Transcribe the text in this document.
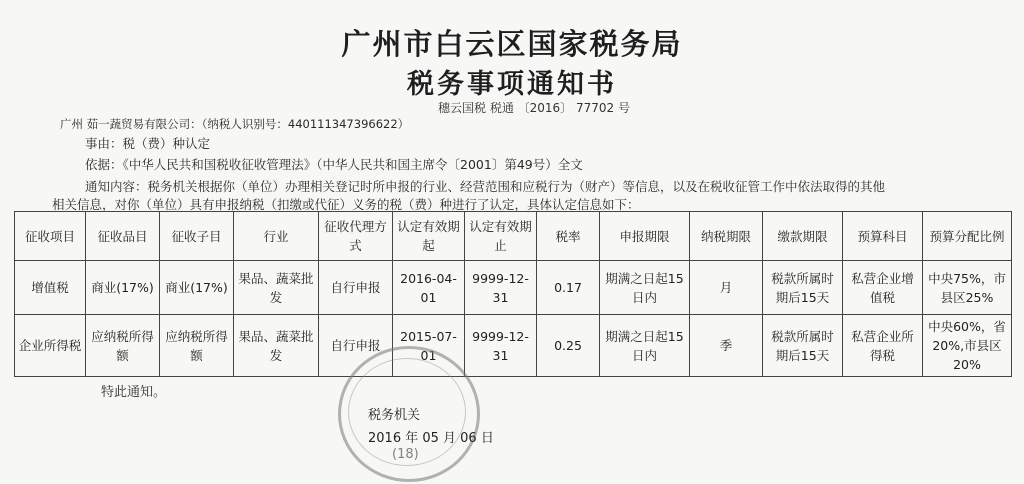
广州市白云区国家税务局
税务事项通知书
穗云国税 税通 〔2016〕 77702 号
广州 茹一蔬贸易有限公司：（纳税人识别号：440111347396622）
事由：税（费）种认定
依据：《中华人民共和国税收征收管理法》（中华人民共和国主席令〔2001〕第49号）全文
通知内容：税务机关根据你（单位）办理相关登记时所申报的行业、经营范围和应税行为（财产）等信息，以及在税收征管工作中依法取得的其他
相关信息，对你（单位）具有申报纳税（扣缴或代征）义务的税（费）种进行了认定，具体认定信息如下：
征收项目	征收品目	征收子目	行业	征收代理方式	认定有效期起	认定有效期止	税率	申报期限	纳税期限	缴款期限	预算科目	预算分配比例
增值税	商业(17%)	商业(17%)	果品、蔬菜批发	自行申报	2016-04-01	9999-12-31	0.17	期满之日起15日内	月	税款所属时期后15天	私营企业增值税	中央75%，市县区25%
企业所得税	应纳税所得额	应纳税所得额	果品、蔬菜批发	自行申报	2015-07-01	9999-12-31	0.25	期满之日起15日内	季	税款所属时期后15天	私营企业所得税	中央60%，省20%,市县区20%
特此通知。
(18)
税务机关
2016 年 05 月 06 日
